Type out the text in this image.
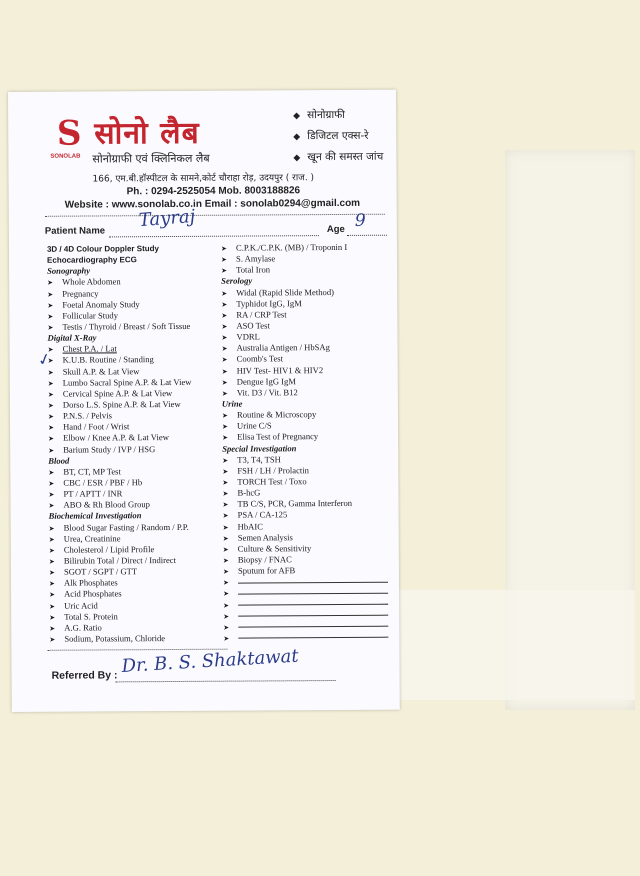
S
SONOLAB
सोनो लैब
सोनोग्राफी एवं क्लिनिकल लैब
◆ सोनोग्राफी
◆ डिजिटल एक्स-रे
◆ खून की समस्त जांच
166, एम.बी.हॉस्पीटल के सामने,कोर्ट चौराहा रोड़, उदयपुर ( राज. )
Ph. : 0294-2525054 Mob. 8003188826
Website : www.sonolab.co.in Email : sonolab0294@gmail.com
Patient Name Tayraj	Age 9
3D / 4D Colour Doppler Study
Echocardiography ECG
Sonography
➤ Whole Abdomen
➤ Pregnancy
➤ Foetal Anomaly Study
➤ Follicular Study
➤ Testis / Thyroid / Breast / Soft Tissue
Digital X-Ray
➤ Chest P.A. / Lat
➤ K.U.B. Routine / Standing
➤ Skull A.P. & Lat View
➤ Lumbo Sacral Spine A.P. & Lat View
➤ Cervical Spine A.P. & Lat View
➤ Dorso L.S. Spine A.P. & Lat View
➤ P.N.S. / Pelvis
➤ Hand / Foot / Wrist
➤ Elbow / Knee A.P. & Lat View
➤ Barium Study / IVP / HSG
Blood
➤ BT, CT, MP Test
➤ CBC / ESR / PBF / Hb
➤ PT / APTT / INR
➤ ABO & Rh Blood Group
Biochemical Investigation
➤ Blood Sugar Fasting / Random / P.P.
➤ Urea, Creatinine
➤ Cholesterol / Lipid Profile
➤ Bilirubin Total / Direct / Indirect
➤ SGOT / SGPT / GTT
➤ Alk Phosphates
➤ Acid Phosphates
➤ Uric Acid
➤ Total S. Protein
➤ A.G. Ratio
➤ Sodium, Potassium, Chloride
➤ C.P.K./C.P.K. (MB) / Troponin I
➤ S. Amylase
➤ Total Iron
Serology
➤ Widal (Rapid Slide Method)
➤ Typhidot IgG, IgM
➤ RA / CRP Test
➤ ASO Test
➤ VDRL
➤ Australia Antigen / HbSAg
➤ Coomb's Test
➤ HIV Test- HIV1 & HIV2
➤ Dengue IgG IgM
➤ Vit. D3 / Vit. B12
Urine
➤ Routine & Microscopy
➤ Urine C/S
➤ Elisa Test of Pregnancy
Special Investigation
➤ T3, T4, TSH
➤ FSH / LH / Prolactin
➤ TORCH Test / Toxo
➤ B-hcG
➤ TB C/S, PCR, Gamma Interferon
➤ PSA / CA-125
➤ HbAIC
➤ Semen Analysis
➤ Culture & Sensitivity
➤ Biopsy / FNAC
➤ Sputum for AFB
➤
➤
➤
➤
➤
➤
✓
Referred By : Dr. B. S. Shaktawat
